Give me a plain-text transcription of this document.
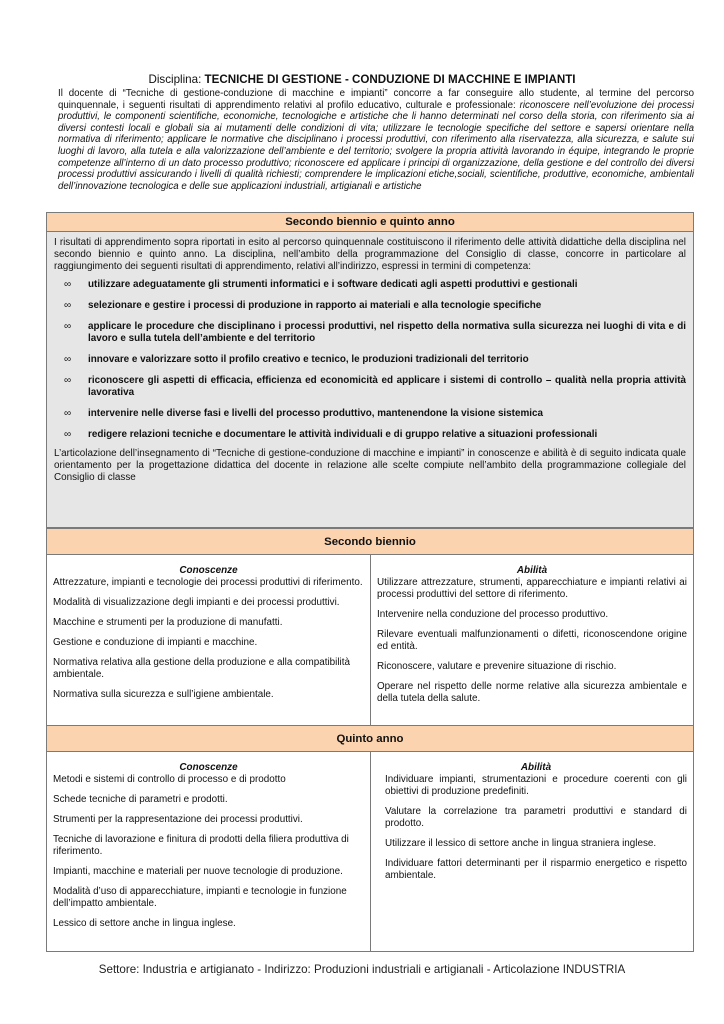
Disciplina: TECNICHE DI GESTIONE - CONDUZIONE DI MACCHINE E IMPIANTI
Il docente di “Tecniche di gestione-conduzione di macchine e impianti” concorre a far conseguire allo studente, al termine del percorso quinquennale, i seguenti risultati di apprendimento relativi al profilo educativo, culturale e professionale: riconoscere nell’evoluzione dei processi produttivi, le componenti scientifiche, economiche, tecnologiche e artistiche che li hanno determinati nel corso della storia, con riferimento sia ai diversi contesti locali e globali sia ai mutamenti delle condizioni di vita; utilizzare le tecnologie specifiche del settore e sapersi orientare nella normativa di riferimento; applicare le normative che disciplinano i processi produttivi, con riferimento alla riservatezza, alla sicurezza, e salute sui luoghi di lavoro, alla tutela e alla valorizzazione dell’ambiente e del territorio; svolgere la propria attività lavorando in équipe, integrando le proprie competenze all’interno di un dato processo produttivo; riconoscere ed applicare i principi di organizzazione, della gestione e del controllo dei diversi processi produttivi assicurando i livelli di qualità richiesti; comprendere le implicazioni etiche,sociali, scientifiche, produttive, economiche, ambientali dell’innovazione tecnologica e delle sue applicazioni industriali, artigianali e artistiche
Secondo biennio e quinto anno

I risultati di apprendimento sopra riportati in esito al percorso quinquennale costituiscono il riferimento delle attività didattiche della disciplina nel secondo biennio e quinto anno. La disciplina, nell’ambito della programmazione del Consiglio di classe, concorre in particolare al raggiungimento dei seguenti risultati di apprendimento, relativi all’indirizzo, espressi in termini di competenza:

∞ utilizzare adeguatamente gli strumenti informatici e i software dedicati agli aspetti produttivi e gestionali
∞ selezionare e gestire i processi di produzione in rapporto ai materiali e alla tecnologie specifiche
∞ applicare le procedure che disciplinano i processi produttivi, nel rispetto della normativa sulla sicurezza nei luoghi di vita e di lavoro e sulla tutela dell’ambiente e del territorio
∞ innovare e valorizzare sotto il profilo creativo e tecnico, le produzioni tradizionali del territorio
∞ riconoscere gli aspetti di efficacia, efficienza ed economicità ed applicare i sistemi di controllo – qualità nella propria attività lavorativa
∞ intervenire nelle diverse fasi e livelli del processo produttivo, mantenendone la visione sistemica
∞ redigere relazioni tecniche e documentare le attività individuali e di gruppo relative a situazioni professionali

L’articolazione dell’insegnamento di “Tecniche di gestione-conduzione di macchine e impianti” in conoscenze e abilità è di seguito indicata quale orientamento per la progettazione didattica del docente in relazione alle scelte compiute nell’ambito della programmazione collegiale del Consiglio di classe

Secondo biennio
Conoscenze

Attrezzature, impianti e tecnologie dei processi produttivi di riferimento.

Modalità di visualizzazione degli impianti e dei processi produttivi.

Macchine e strumenti per la produzione di manufatti.

Gestione e conduzione di impianti e macchine.

Normativa relativa alla gestione della produzione e alla compatibilità ambientale.

Normativa sulla sicurezza e sull’igiene ambientale.

Abilità

Utilizzare attrezzature, strumenti, apparecchiature e impianti relativi ai processi produttivi del settore di riferimento.

Intervenire nella conduzione del processo produttivo.

Rilevare eventuali malfunzionamenti o difetti, riconoscendone origine ed entità.

Riconoscere, valutare e prevenire situazione di rischio.

Operare nel rispetto delle norme relative alla sicurezza ambientale e della tutela della salute.

Quinto anno
Conoscenze

Metodi e sistemi di controllo di processo e di prodotto

Schede tecniche di parametri e prodotti.

Strumenti per la rappresentazione dei processi produttivi.

Tecniche di lavorazione e finitura di prodotti della filiera produttiva di riferimento.

Impianti, macchine e materiali per nuove tecnologie di produzione.

Modalità d’uso di apparecchiature, impianti e tecnologie in funzione dell’impatto ambientale.

Lessico di settore anche in lingua inglese.

Abilità

Individuare impianti, strumentazioni e procedure coerenti con gli obiettivi di produzione predefiniti.

Valutare la correlazione tra parametri produttivi e standard di prodotto.

Utilizzare il lessico di settore anche in lingua straniera inglese.

Individuare fattori determinanti per il risparmio energetico e rispetto ambientale.

Settore: Industria e artigianato - Indirizzo: Produzioni industriali e artigianali - Articolazione INDUSTRIA
